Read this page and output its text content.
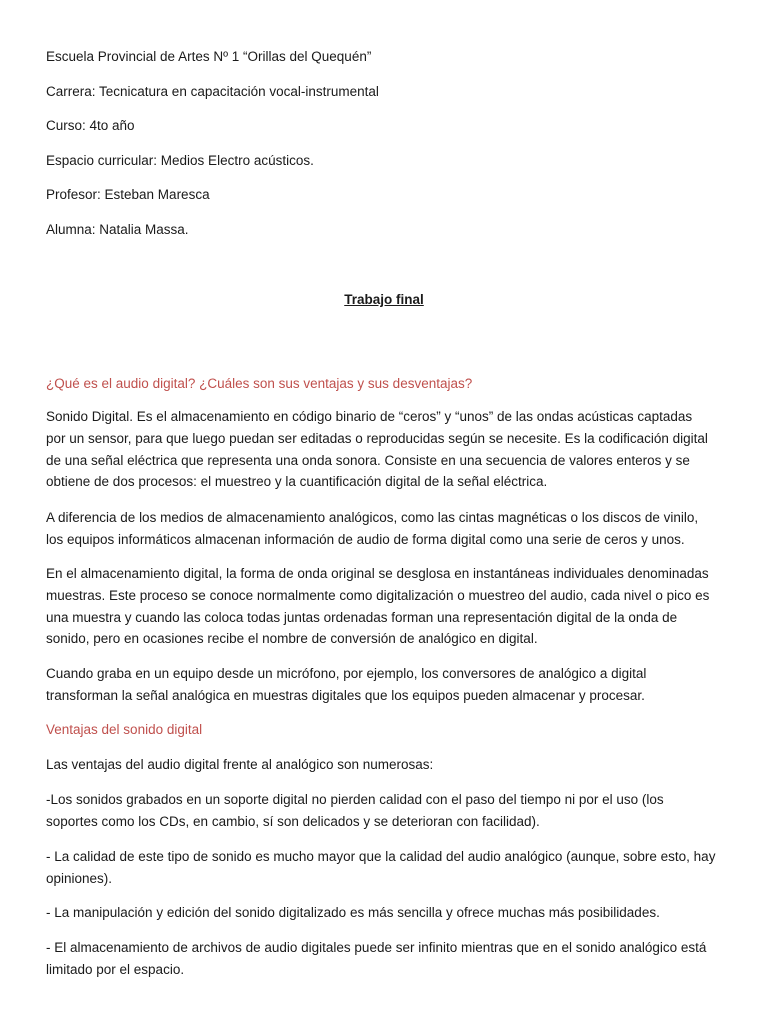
Escuela Provincial de Artes Nº 1 “Orillas del Quequén”
Carrera: Tecnicatura en capacitación vocal-instrumental
Curso: 4to año
Espacio curricular: Medios Electro acústicos.
Profesor: Esteban Maresca
Alumna: Natalia Massa.
Trabajo final
¿Qué es el audio digital? ¿Cuáles son sus ventajas y sus desventajas?
Sonido Digital. Es el almacenamiento en código binario de “ceros” y “unos” de las ondas acústicas captadas
por un sensor, para que luego puedan ser editadas o reproducidas según se necesite. Es la codificación digital
de una señal eléctrica que representa una onda sonora. Consiste en una secuencia de valores enteros y se
obtiene de dos procesos: el muestreo y la cuantificación digital de la señal eléctrica.
A diferencia de los medios de almacenamiento analógicos, como las cintas magnéticas o los discos de vinilo,
los equipos informáticos almacenan información de audio de forma digital como una serie de ceros y unos.
En el almacenamiento digital, la forma de onda original se desglosa en instantáneas individuales denominadas
muestras. Este proceso se conoce normalmente como digitalización o muestreo del audio, cada nivel o pico es
una muestra y cuando las coloca todas juntas ordenadas forman una representación digital de la onda de
sonido, pero en ocasiones recibe el nombre de conversión de analógico en digital.
Cuando graba en un equipo desde un micrófono, por ejemplo, los conversores de analógico a digital
transforman la señal analógica en muestras digitales que los equipos pueden almacenar y procesar.
Ventajas del sonido digital
Las ventajas del audio digital frente al analógico son numerosas:
-Los sonidos grabados en un soporte digital no pierden calidad con el paso del tiempo ni por el uso (los
soportes como los CDs, en cambio, sí son delicados y se deterioran con facilidad).
- La calidad de este tipo de sonido es mucho mayor que la calidad del audio analógico (aunque, sobre esto, hay
opiniones).
- La manipulación y edición del sonido digitalizado es más sencilla y ofrece muchas más posibilidades.
- El almacenamiento de archivos de audio digitales puede ser infinito mientras que en el sonido analógico está
limitado por el espacio.
